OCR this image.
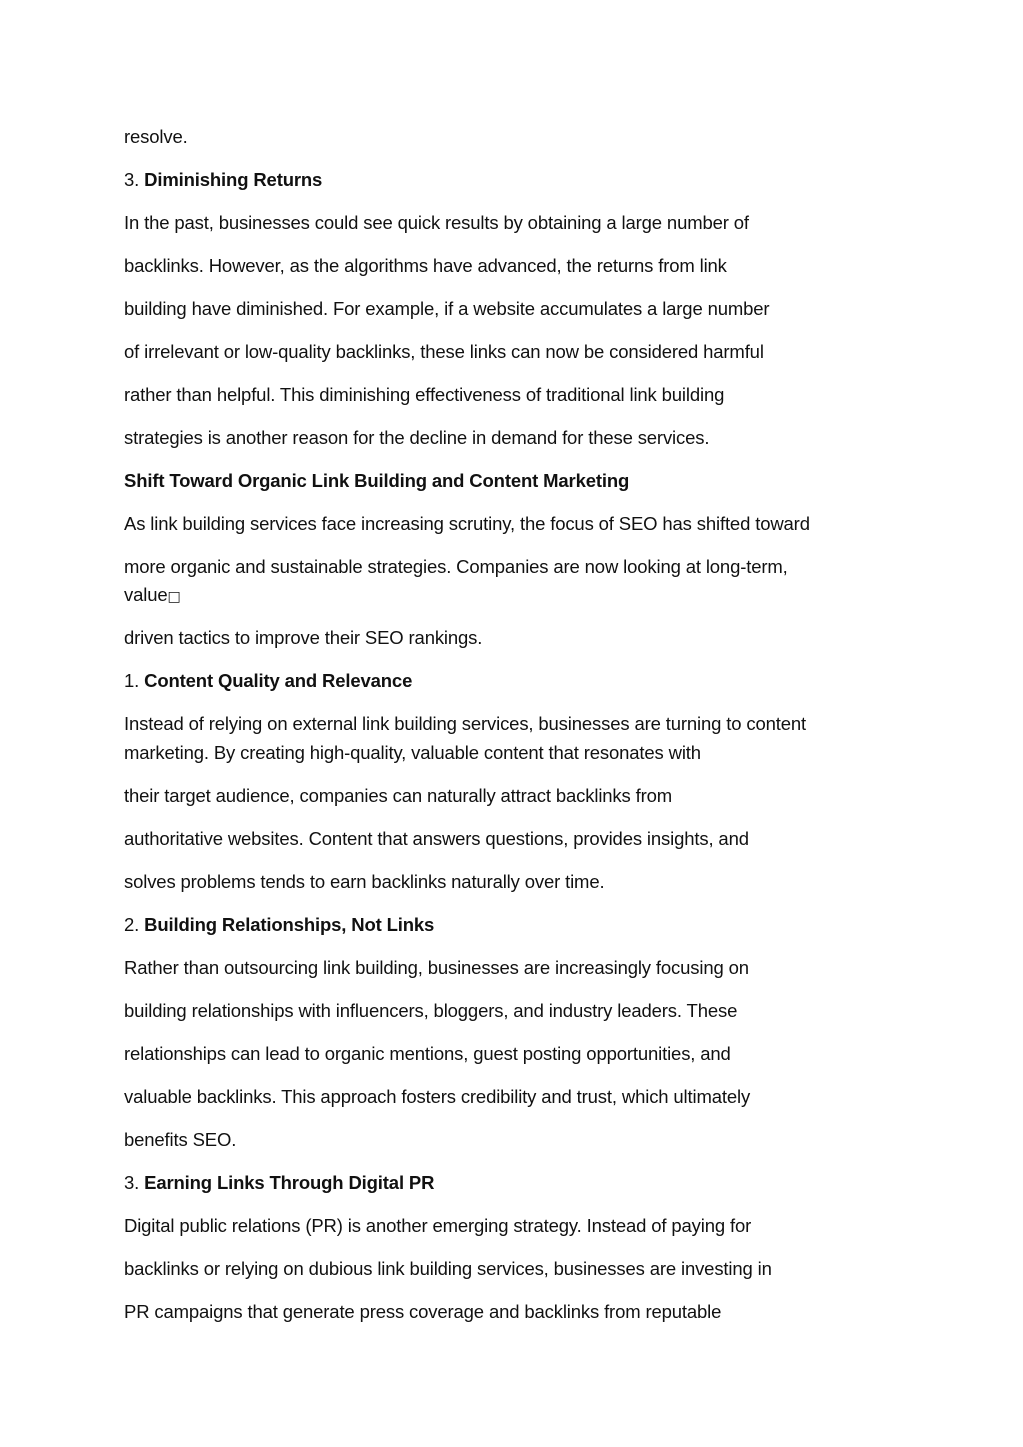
resolve.

3. Diminishing Returns

In the past, businesses could see quick results by obtaining a large number of

backlinks. However, as the algorithms have advanced, the returns from link

building have diminished. For example, if a website accumulates a large number

of irrelevant or low-quality backlinks, these links can now be considered harmful

rather than helpful. This diminishing effectiveness of traditional link building

strategies is another reason for the decline in demand for these services.

Shift Toward Organic Link Building and Content Marketing

As link building services face increasing scrutiny, the focus of SEO has shifted toward

more organic and sustainable strategies. Companies are now looking at long-term,

value□

driven tactics to improve their SEO rankings.

1. Content Quality and Relevance

Instead of relying on external link building services, businesses are turning to content

marketing. By creating high-quality, valuable content that resonates with

their target audience, companies can naturally attract backlinks from

authoritative websites. Content that answers questions, provides insights, and

solves problems tends to earn backlinks naturally over time.

2. Building Relationships, Not Links

Rather than outsourcing link building, businesses are increasingly focusing on

building relationships with influencers, bloggers, and industry leaders. These

relationships can lead to organic mentions, guest posting opportunities, and

valuable backlinks. This approach fosters credibility and trust, which ultimately

benefits SEO.

3. Earning Links Through Digital PR

Digital public relations (PR) is another emerging strategy. Instead of paying for

backlinks or relying on dubious link building services, businesses are investing in

PR campaigns that generate press coverage and backlinks from reputable
